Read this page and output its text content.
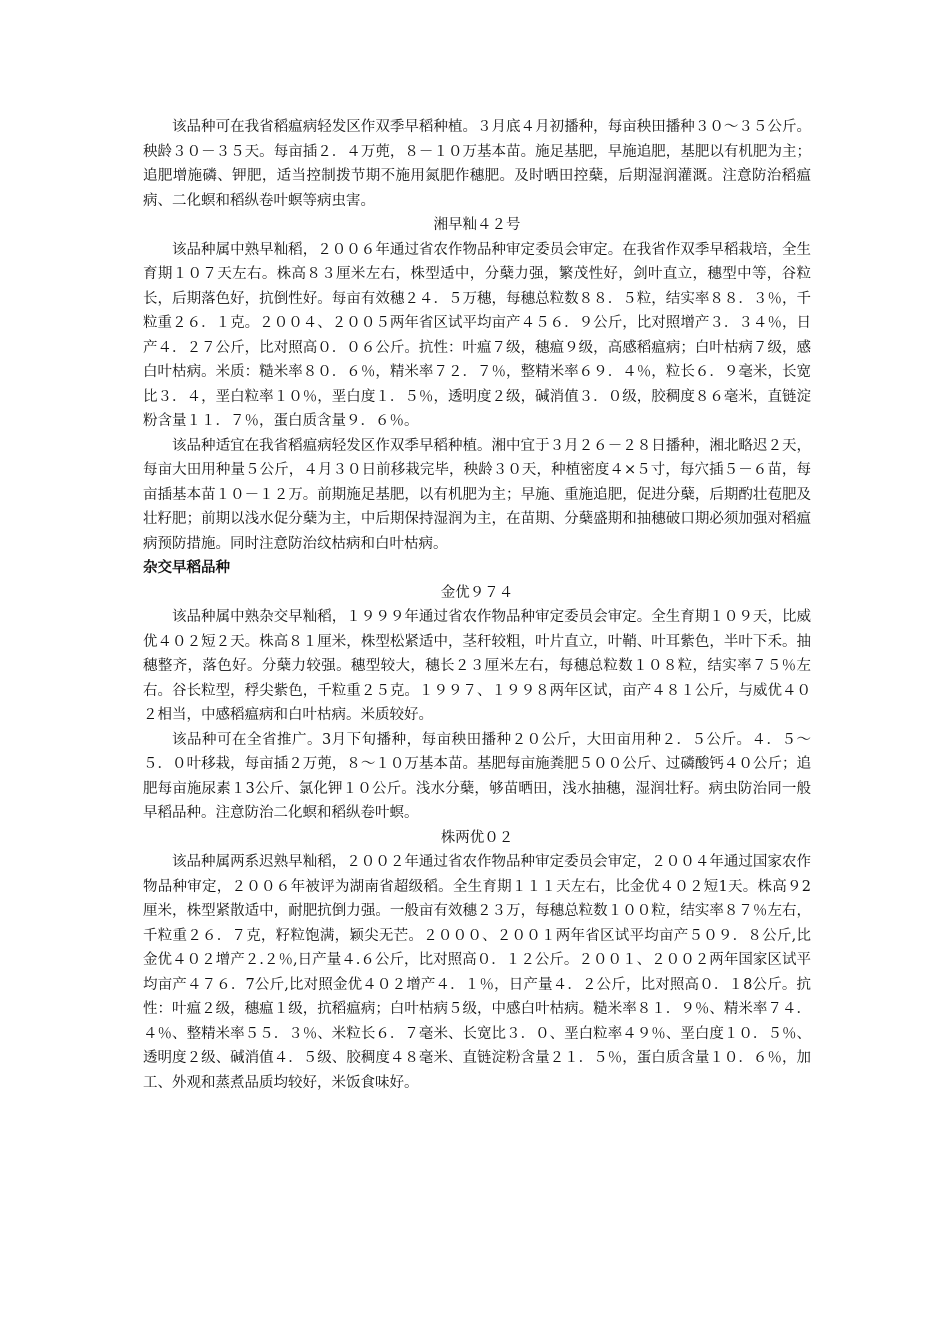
该品种可在我省稻瘟病轻发区作双季早稻种植。３月底４月初播种，每亩秧田播种３０～３５公斤。秧龄３０－３５天。每亩插２．４万蔸，８－１０万基本苗。施足基肥，早施追肥，基肥以有机肥为主；追肥增施磷、钾肥，适当控制拨节期不施用氮肥作穗肥。及时晒田控蘖，后期湿润灌溉。注意防治稻瘟病、二化螟和稻纵卷叶螟等病虫害。

湘早籼４２号

该品种属中熟早籼稻，２００６年通过省农作物品种审定委员会审定。在我省作双季早稻栽培，全生育期１０７天左右。株高８３厘米左右，株型适中，分蘖力强，繁茂性好，剑叶直立，穗型中等，谷粒长，后期落色好，抗倒性好。每亩有效穗２４．５万穗，每穗总粒数８８．５粒，结实率８８．３％，千粒重２６．１克。２００４、２００５两年省区试平均亩产４５６．９公斤，比对照增产３．３４％，日产４．２７公斤，比对照高０．０６公斤。抗性：叶瘟７级，穗瘟９级，高感稻瘟病；白叶枯病７级，感白叶枯病。米质：糙米率８０．６％，精米率７２．７％，整精米率６９．４％，粒长６．９毫米，长宽比３．４，垩白粒率１０％，垩白度１．５％，透明度２级，碱消值３．０级，胶稠度８６毫米，直链淀粉含量１１．７％，蛋白质含量９．６％。

该品种适宜在我省稻瘟病轻发区作双季早稻种植。湘中宜于３月２６－２８日播种，湘北略迟２天，每亩大田用种量５公斤，４月３０日前移栽完毕，秧龄３０天，种植密度４×５寸，每穴插５－６苗，每亩插基本苗１０－１２万。前期施足基肥，以有机肥为主；早施、重施追肥，促进分蘖，后期酌壮苞肥及壮籽肥；前期以浅水促分蘖为主，中后期保持湿润为主，在苗期、分蘖盛期和抽穗破口期必须加强对稻瘟病预防措施。同时注意防治纹枯病和白叶枯病。

杂交早稻品种
金优９７４

该品种属中熟杂交早籼稻，１９９９年通过省农作物品种审定委员会审定。全生育期１０９天，比威优４０２短２天。株高８１厘米，株型松紧适中，茎秆较粗，叶片直立，叶鞘、叶耳紫色，半叶下禾。抽穗整齐，落色好。分蘖力较强。穗型较大，穗长２３厘米左右，每穗总粒数１０８粒，结实率７５％左右。谷长粒型，稃尖紫色，千粒重２５克。１９９７、１９９８两年区试，亩产４８１公斤，与威优４０２相当，中感稻瘟病和白叶枯病。米质较好。

该品种可在全省推广。3月下旬播种，每亩秧田播种２０公斤，大田亩用种２．５公斤。４．５～５．０叶移栽，每亩插２万蔸，８～１０万基本苗。基肥每亩施粪肥５００公斤、过磷酸钙４０公斤；追肥每亩施尿素１3公斤、氯化钾１０公斤。浅水分蘖，够苗晒田，浅水抽穗，湿润壮籽。病虫防治同一般早稻品种。注意防治二化螟和稻纵卷叶螟。

株两优０２

该品种属两系迟熟早籼稻，２００２年通过省农作物品种审定委员会审定，２００４年通过国家农作物品种审定，２００６年被评为湖南省超级稻。全生育期１１１天左右，比金优４０２短1天。株高９2厘米，株型紧散适中，耐肥抗倒力强。一般亩有效穗２３万，每穗总粒数１００粒，结实率８７％左右，千粒重２６．７克，籽粒饱满，颖尖无芒。２０００、２００１两年省区试平均亩产５０９．８公斤,比金优４０２增产２.２％,日产量４.６公斤，比对照高０．１２公斤。２００１、２００２两年国家区试平均亩产４７６．7公斤,比对照金优４０２增产４．１％，日产量４．２公斤，比对照高０．１8公斤。抗性：叶瘟２级，穗瘟１级，抗稻瘟病；白叶枯病５级，中感白叶枯病。糙米率８１．９％、精米率７４．４％、整精米率５５．３％、米粒长６．７毫米、长宽比３．０、垩白粒率４９％、垩白度１０．５％、透明度２级、碱消值４．５级、胶稠度４８毫米、直链淀粉含量２１．５％，蛋白质含量１０．６％，加工、外观和蒸煮品质均较好，米饭食味好。
